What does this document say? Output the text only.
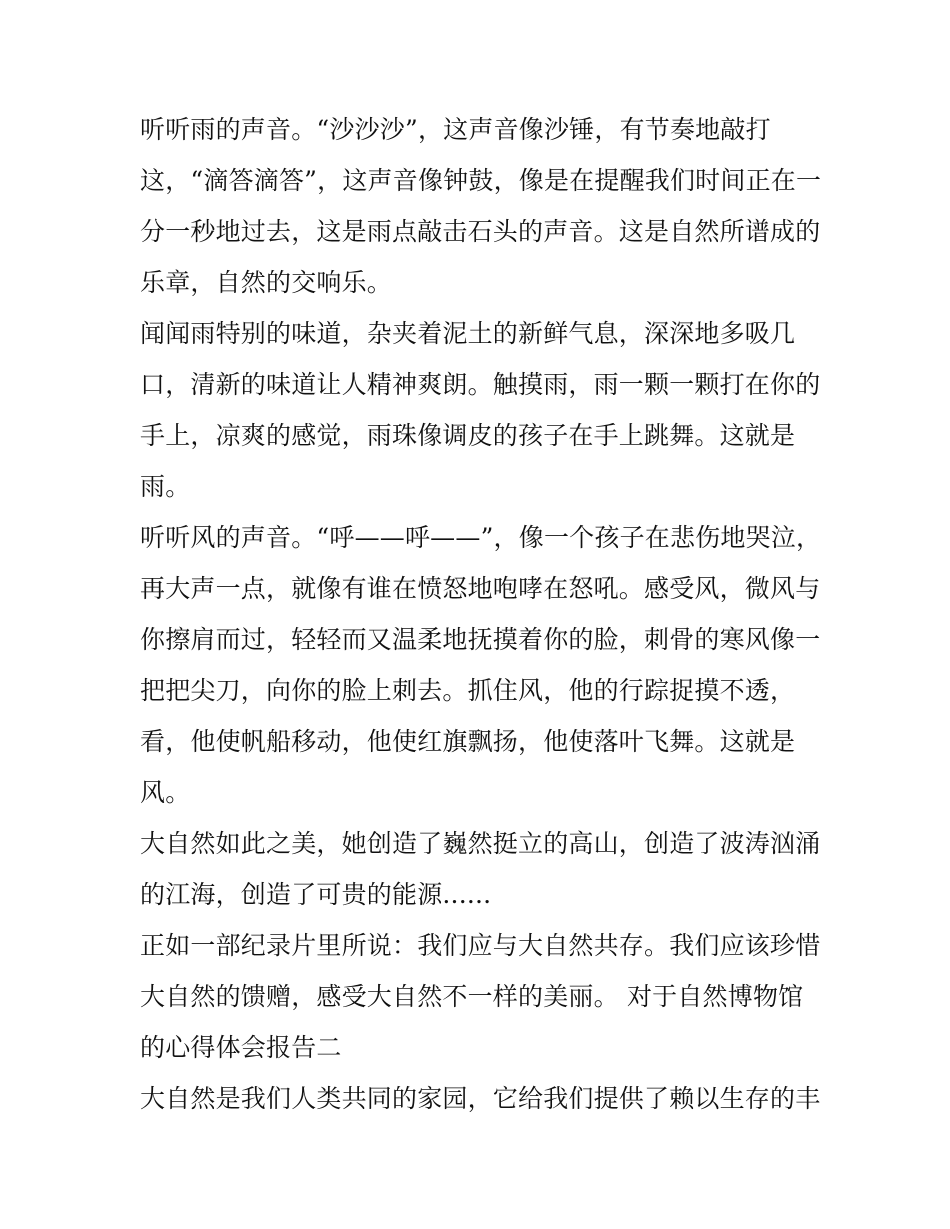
听听雨的声音。“沙沙沙”，这声音像沙锤，有节奏地敲打
这，“滴答滴答”，这声音像钟鼓，像是在提醒我们时间正在一
分一秒地过去，这是雨点敲击石头的声音。这是自然所谱成的
乐章，自然的交响乐。
闻闻雨特别的味道，杂夹着泥土的新鲜气息，深深地多吸几
口，清新的味道让人精神爽朗。触摸雨，雨一颗一颗打在你的
手上，凉爽的感觉，雨珠像调皮的孩子在手上跳舞。这就是
雨。
听听风的声音。“呼——呼——”，像一个孩子在悲伤地哭泣，
再大声一点，就像有谁在愤怒地咆哮在怒吼。感受风，微风与
你擦肩而过，轻轻而又温柔地抚摸着你的脸，刺骨的寒风像一
把把尖刀，向你的脸上刺去。抓住风，他的行踪捉摸不透，
看，他使帆船移动，他使红旗飘扬，他使落叶飞舞。这就是
风。
大自然如此之美，她创造了巍然挺立的高山，创造了波涛汹涌
的江海，创造了可贵的能源......
正如一部纪录片里所说：我们应与大自然共存。我们应该珍惜
大自然的馈赠，感受大自然不一样的美丽。 对于自然博物馆
的心得体会报告二
大自然是我们人类共同的家园，它给我们提供了赖以生存的丰
